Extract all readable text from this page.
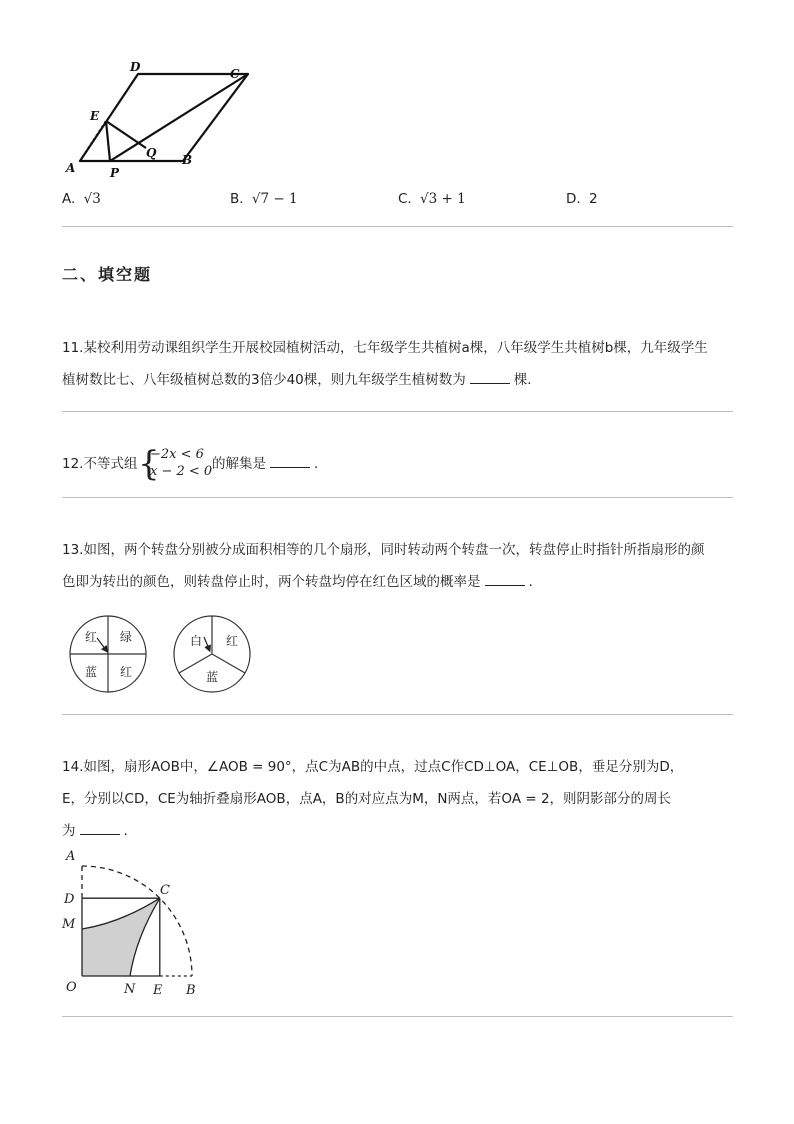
D	C
E
A	P
Q B
A. √3	B. √7 − 1	C. √3 + 1	D. 2
二、填空题
11.某校利用劳动课组织学生开展校园植树活动，七年级学生共植树a棵，八年级学生共植树b棵，九年级学生
植树数比七、八年级植树总数的3倍少40棵，则九年级学生植树数为	棵.
12.不等式组 {
−2x < 6
x − 2 < 0 的解集是	.
13.如图，两个转盘分别被分成面积相等的几个扇形，同时转动两个转盘一次，转盘停止时指针所指扇形的颜
色即为转出的颜色，则转盘停止时，两个转盘均停在红色区域的概率是	.
红 绿
蓝 红
白 红
蓝
14.如图，扇形AOB中，∠AOB = 90°，点C为AB的中点，过点C作CD⊥OA，CE⊥OB，垂足分别为D，
E，分别以CD，CE为轴折叠扇形AOB，点A，B的对应点为M，N两点，若OA = 2，则阴影部分的周长
为	.
A
D
M
O	N E B
C
